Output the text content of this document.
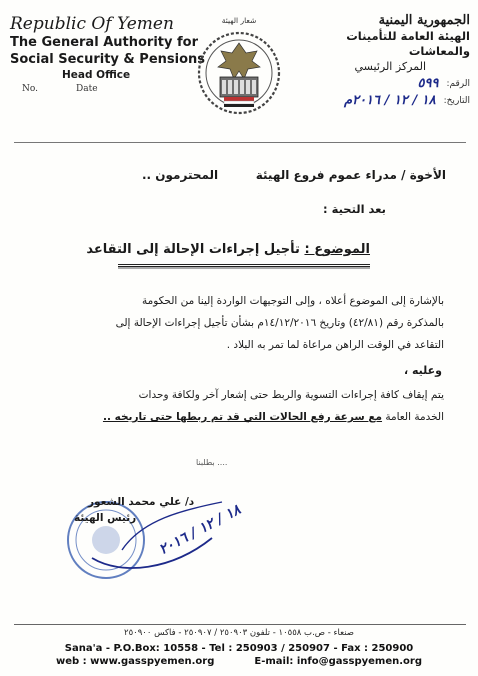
Republic Of Yemen
The General Authority for
Social Security & Pensions
Head Office
No.	Date
شعار الهيئة	الجمهورية اليمنية
الهيئة العامة للتأمينات والمعاشات
المركز الرئيسي
الرقم:
٥٩٩
التاريخ:
١٨ / ١٢ / ٢٠١٦م
الأخوة / مدراء عموم فروع الهيئة
المحترمون ..
بعد التحية :
الموضوع : تأجيل إجراءات الإحالة إلى التقاعد
بالإشارة إلى الموضوع أعلاه ، وإلى التوجيهات الواردة إلينا من الحكومة
بالمذكرة رقم (٤٢/٨١) وتاريخ ١٤/١٢/٢٠١٦م بشأن تأجيل إجراءات الإحالة إلى
التقاعد في الوقت الراهن مراعاة لما تمر به البلاد .
وعليه ،
يتم إيقاف كافة إجراءات التسوية والربط حتى إشعار آخر ولكافة وحدات
الخدمة العامة مع سرعة رفع الحالات التي قد تم ربطها حتى تاريخه ..
بطلبنا ....
د/ علي محمد الشعور
رئيس الهيئة
١٨ / ١٢ / ٢٠١٦
صنعاء - ص.ب ١٠٥٥٨ - تلفون ٢٥٠٩٠٣ / ٢٥٠٩٠٧ - فاكس ٢٥٠٩٠٠
Sana'a - P.O.Box: 10558 - Tel : 250903 / 250907 - Fax : 250900
web : www.gasspyemen.org	E-mail: info@gasspyemen.org
